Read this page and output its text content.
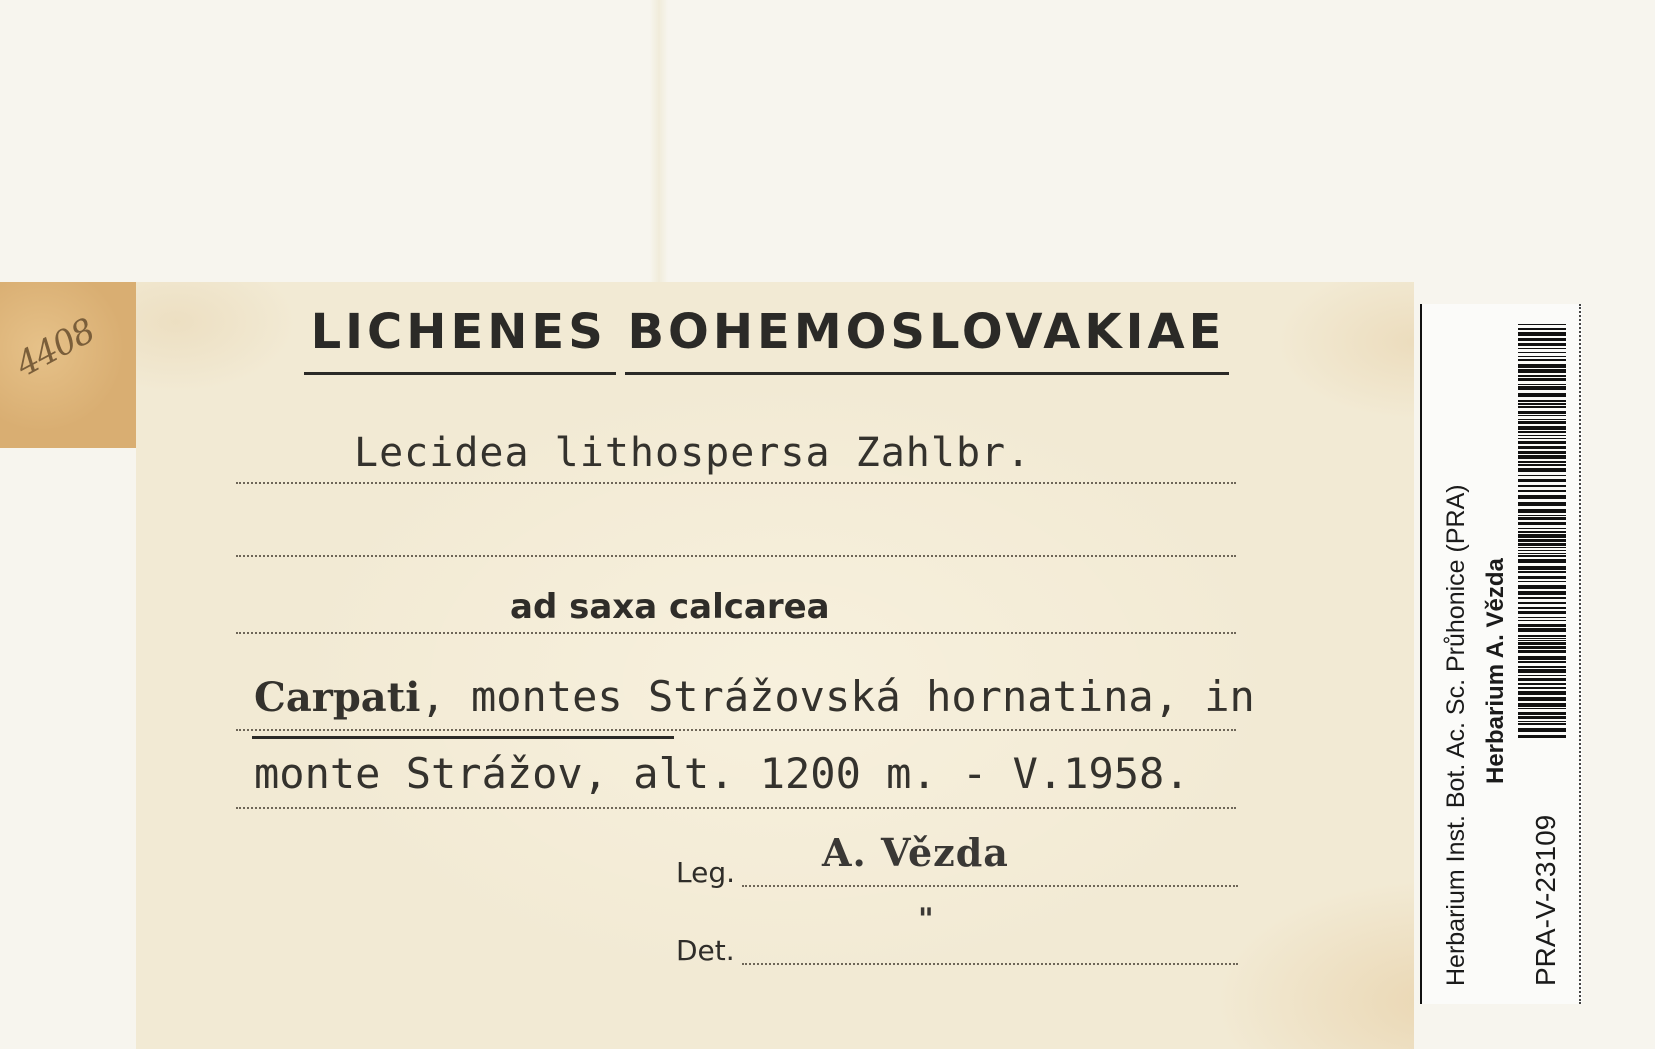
4408	LICHENES BOHEMOSLOVAKIAE
Lecidea lithospersa Zahlbr.
ad saxa calcarea
Carpati, montes Strážovská hornatina, in
monte Strážov, alt. 1200 m. - V.1958.
Leg. A. Vězda
Det.
"	Herbarium Inst. Bot. Ac. Sc. Průhonice (PRA) Herbarium A. Vězda
PRA-V-23109
